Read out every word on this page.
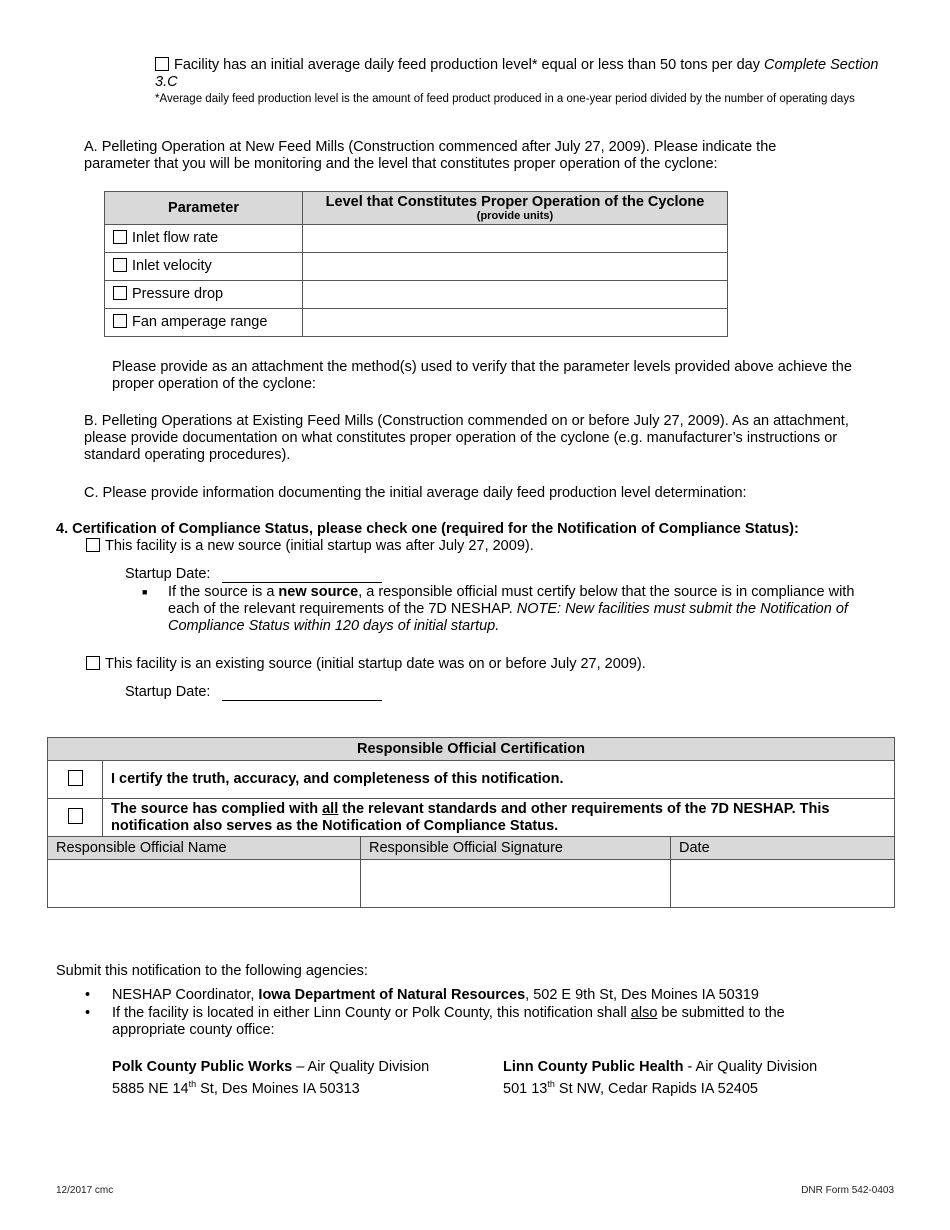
Facility has an initial average daily feed production level* equal or less than 50 tons per day Complete Section 3.C
*Average daily feed production level is the amount of feed product produced in a one-year period divided by the number of operating days
A. Pelleting Operation at New Feed Mills (Construction commenced after July 27, 2009). Please indicate the parameter that you will be monitoring and the level that constitutes proper operation of the cyclone:
Parameter	Level that Constitutes Proper Operation of the Cyclone
(provide units)

Inlet flow rate	
Inlet velocity	
Pressure drop	
Fan amperage range	
Please provide as an attachment the method(s) used to verify that the parameter levels provided above achieve the proper operation of the cyclone:
B. Pelleting Operations at Existing Feed Mills (Construction commended on or before July 27, 2009). As an attachment, please provide documentation on what constitutes proper operation of the cyclone (e.g. manufacturer’s instructions or standard operating procedures).
C. Please provide information documenting the initial average daily feed production level determination:
4. Certification of Compliance Status, please check one (required for the Notification of Compliance Status):
This facility is a new source (initial startup was after July 27, 2009).
Startup Date:
■	If the source is a new source, a responsible official must certify below that the source is in compliance with each of the relevant requirements of the 7D NESHAP. NOTE: New facilities must submit the Notification of Compliance Status within 120 days of initial startup.
This facility is an existing source (initial startup date was on or before July 27, 2009).
Startup Date:
Responsible Official Certification			
	I certify the truth, accuracy, and completeness of this notification.		
	The source has complied with all the relevant standards and other requirements of the 7D NESHAP. This notification also serves as the Notification of Compliance Status.		
Responsible Official Name		Responsible Official Signature	Date

Submit this notification to the following agencies:
• NESHAP Coordinator, Iowa Department of Natural Resources, 502 E 9th St, Des Moines IA 50319
• If the facility is located in either Linn County or Polk County, this notification shall also be submitted to the appropriate county office:
Polk County Public Works – Air Quality Division
5885 NE 14th St, Des Moines IA 50313
Linn County Public Health - Air Quality Division
501 13th St NW, Cedar Rapids IA 52405
12/2017 cmc	DNR Form 542-0403
